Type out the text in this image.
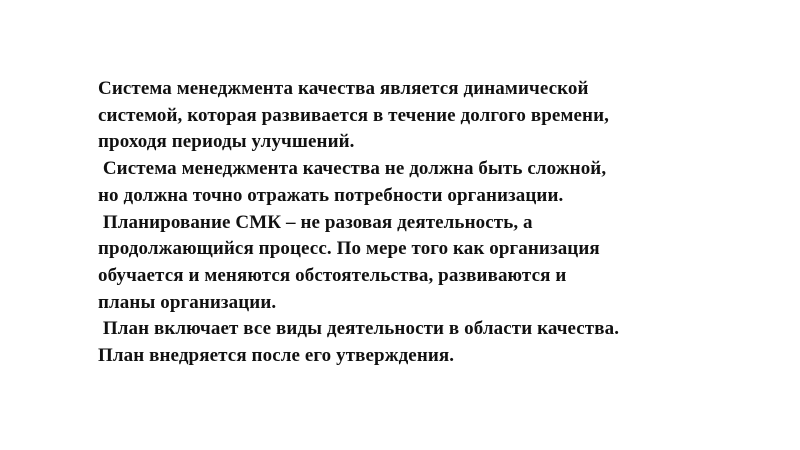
Система менеджмента качества является динамической
системой, которая развивается в течение долгого времени,
проходя периоды улучшений.
Система менеджмента качества не должна быть сложной,
но должна точно отражать потребности организации.
Планирование СМК – не разовая деятельность, а
продолжающийся процесс. По мере того как организация
обучается и меняются обстоятельства, развиваются и
планы организации.
План включает все виды деятельности в области качества.
План внедряется после его утверждения.
